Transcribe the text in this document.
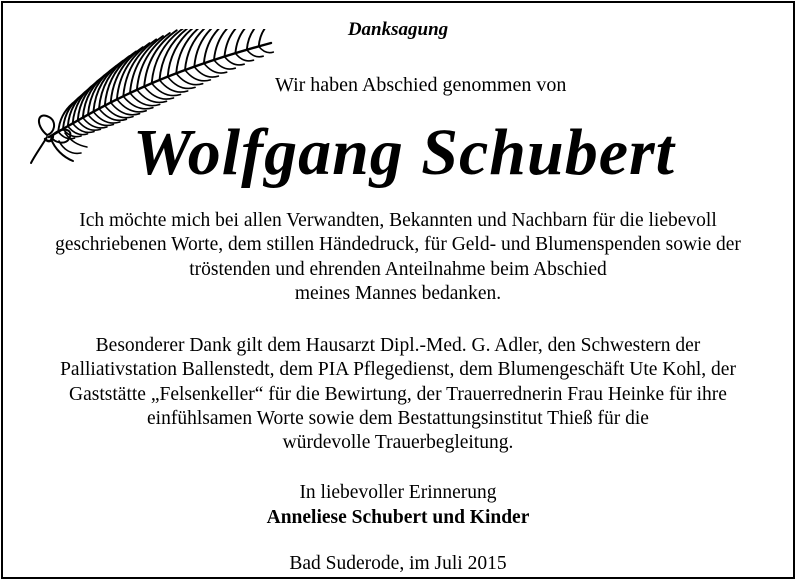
Danksagung
Wir haben Abschied genommen von
Wolfgang Schubert
Ich möchte mich bei allen Verwandten, Bekannten und Nachbarn für die liebevoll
geschriebenen Worte, dem stillen Händedruck, für Geld- und Blumenspenden sowie der
tröstenden und ehrenden Anteilnahme beim Abschied
meines Mannes bedanken.
Besonderer Dank gilt dem Hausarzt Dipl.-Med. G. Adler, den Schwestern der
Palliativstation Ballenstedt, dem PIA Pflegedienst, dem Blumengeschäft Ute Kohl, der
Gaststätte „Felsenkeller“ für die Bewirtung, der Trauerrednerin Frau Heinke für ihre
einfühlsamen Worte sowie dem Bestattungsinstitut Thieß für die
würdevolle Trauerbegleitung.
In liebevoller Erinnerung
Anneliese Schubert und Kinder
Bad Suderode, im Juli 2015
